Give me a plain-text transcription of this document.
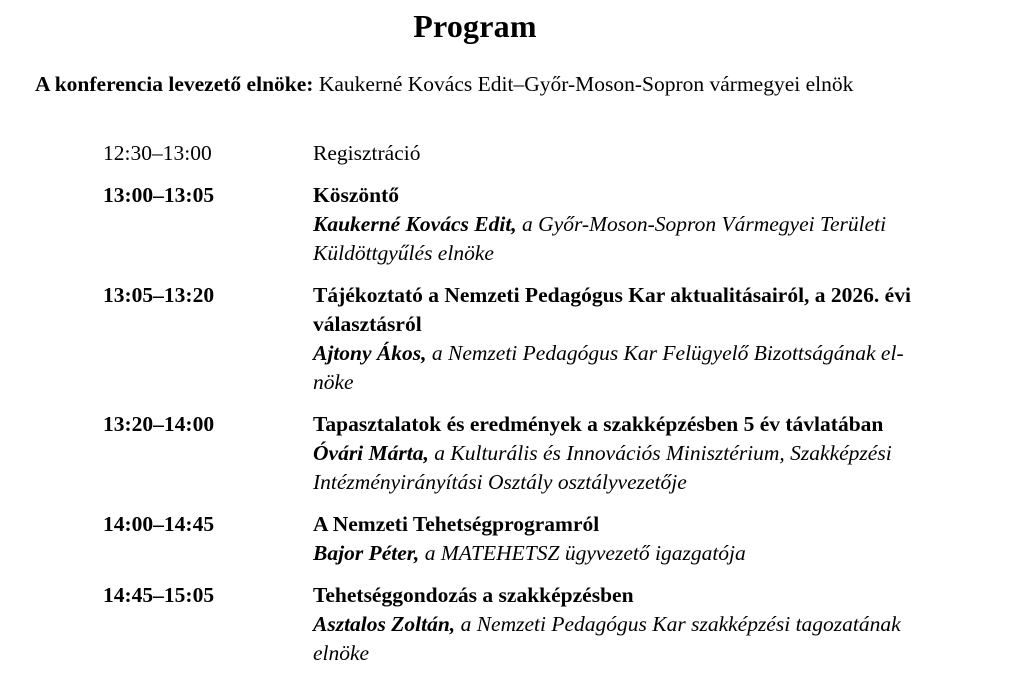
Program
A konferencia levezető elnöke: Kaukerné Kovács Edit–Győr-Moson-Sopron vármegyei elnök
12:30–13:00	Regisztráció
13:00–13:05	Köszöntő
Kaukerné Kovács Edit, a Győr-Moson-Sopron Vármegyei Területi Küldöttgyűlés elnöke
13:05–13:20	Tájékoztató a Nemzeti Pedagógus Kar aktualitásairól, a 2026. évi választásról
Ajtony Ákos, a Nemzeti Pedagógus Kar Felügyelő Bizottságának elnöke
13:20–14:00	Tapasztalatok és eredmények a szakképzésben 5 év távlatában
Óvári Márta, a Kulturális és Innovációs Minisztérium, Szakképzési Intézményirányítási Osztály osztályvezetője
14:00–14:45	A Nemzeti Tehetségprogramról
Bajor Péter, a MATEHETSZ ügyvezető igazgatója
14:45–15:05	Tehetséggondozás a szakképzésben
Asztalos Zoltán, a Nemzeti Pedagógus Kar szakképzési tagozatának elnöke
